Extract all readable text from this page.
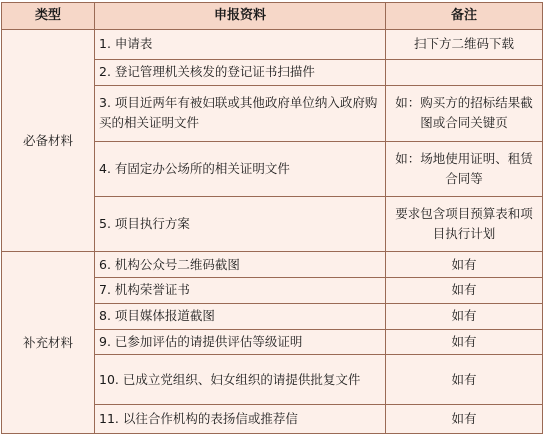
类型	申报资料	备注
必备材料	1. 申请表	扫下方二维码下载
	2. 登记管理机关核发的登记证书扫描件	
	3. 项目近两年有被妇联或其他政府单位纳入政府购买的相关证明文件	如：购买方的招标结果截图或合同关键页
	4. 有固定办公场所的相关证明文件	如：场地使用证明、租赁合同等
	5. 项目执行方案	要求包含项目预算表和项目执行计划
补充材料	6. 机构公众号二维码截图	如有
	7. 机构荣誉证书	如有
	8. 项目媒体报道截图	如有
	9. 已参加评估的请提供评估等级证明	如有
	10. 已成立党组织、妇女组织的请提供批复文件	如有
	11. 以往合作机构的表扬信或推荐信	如有
